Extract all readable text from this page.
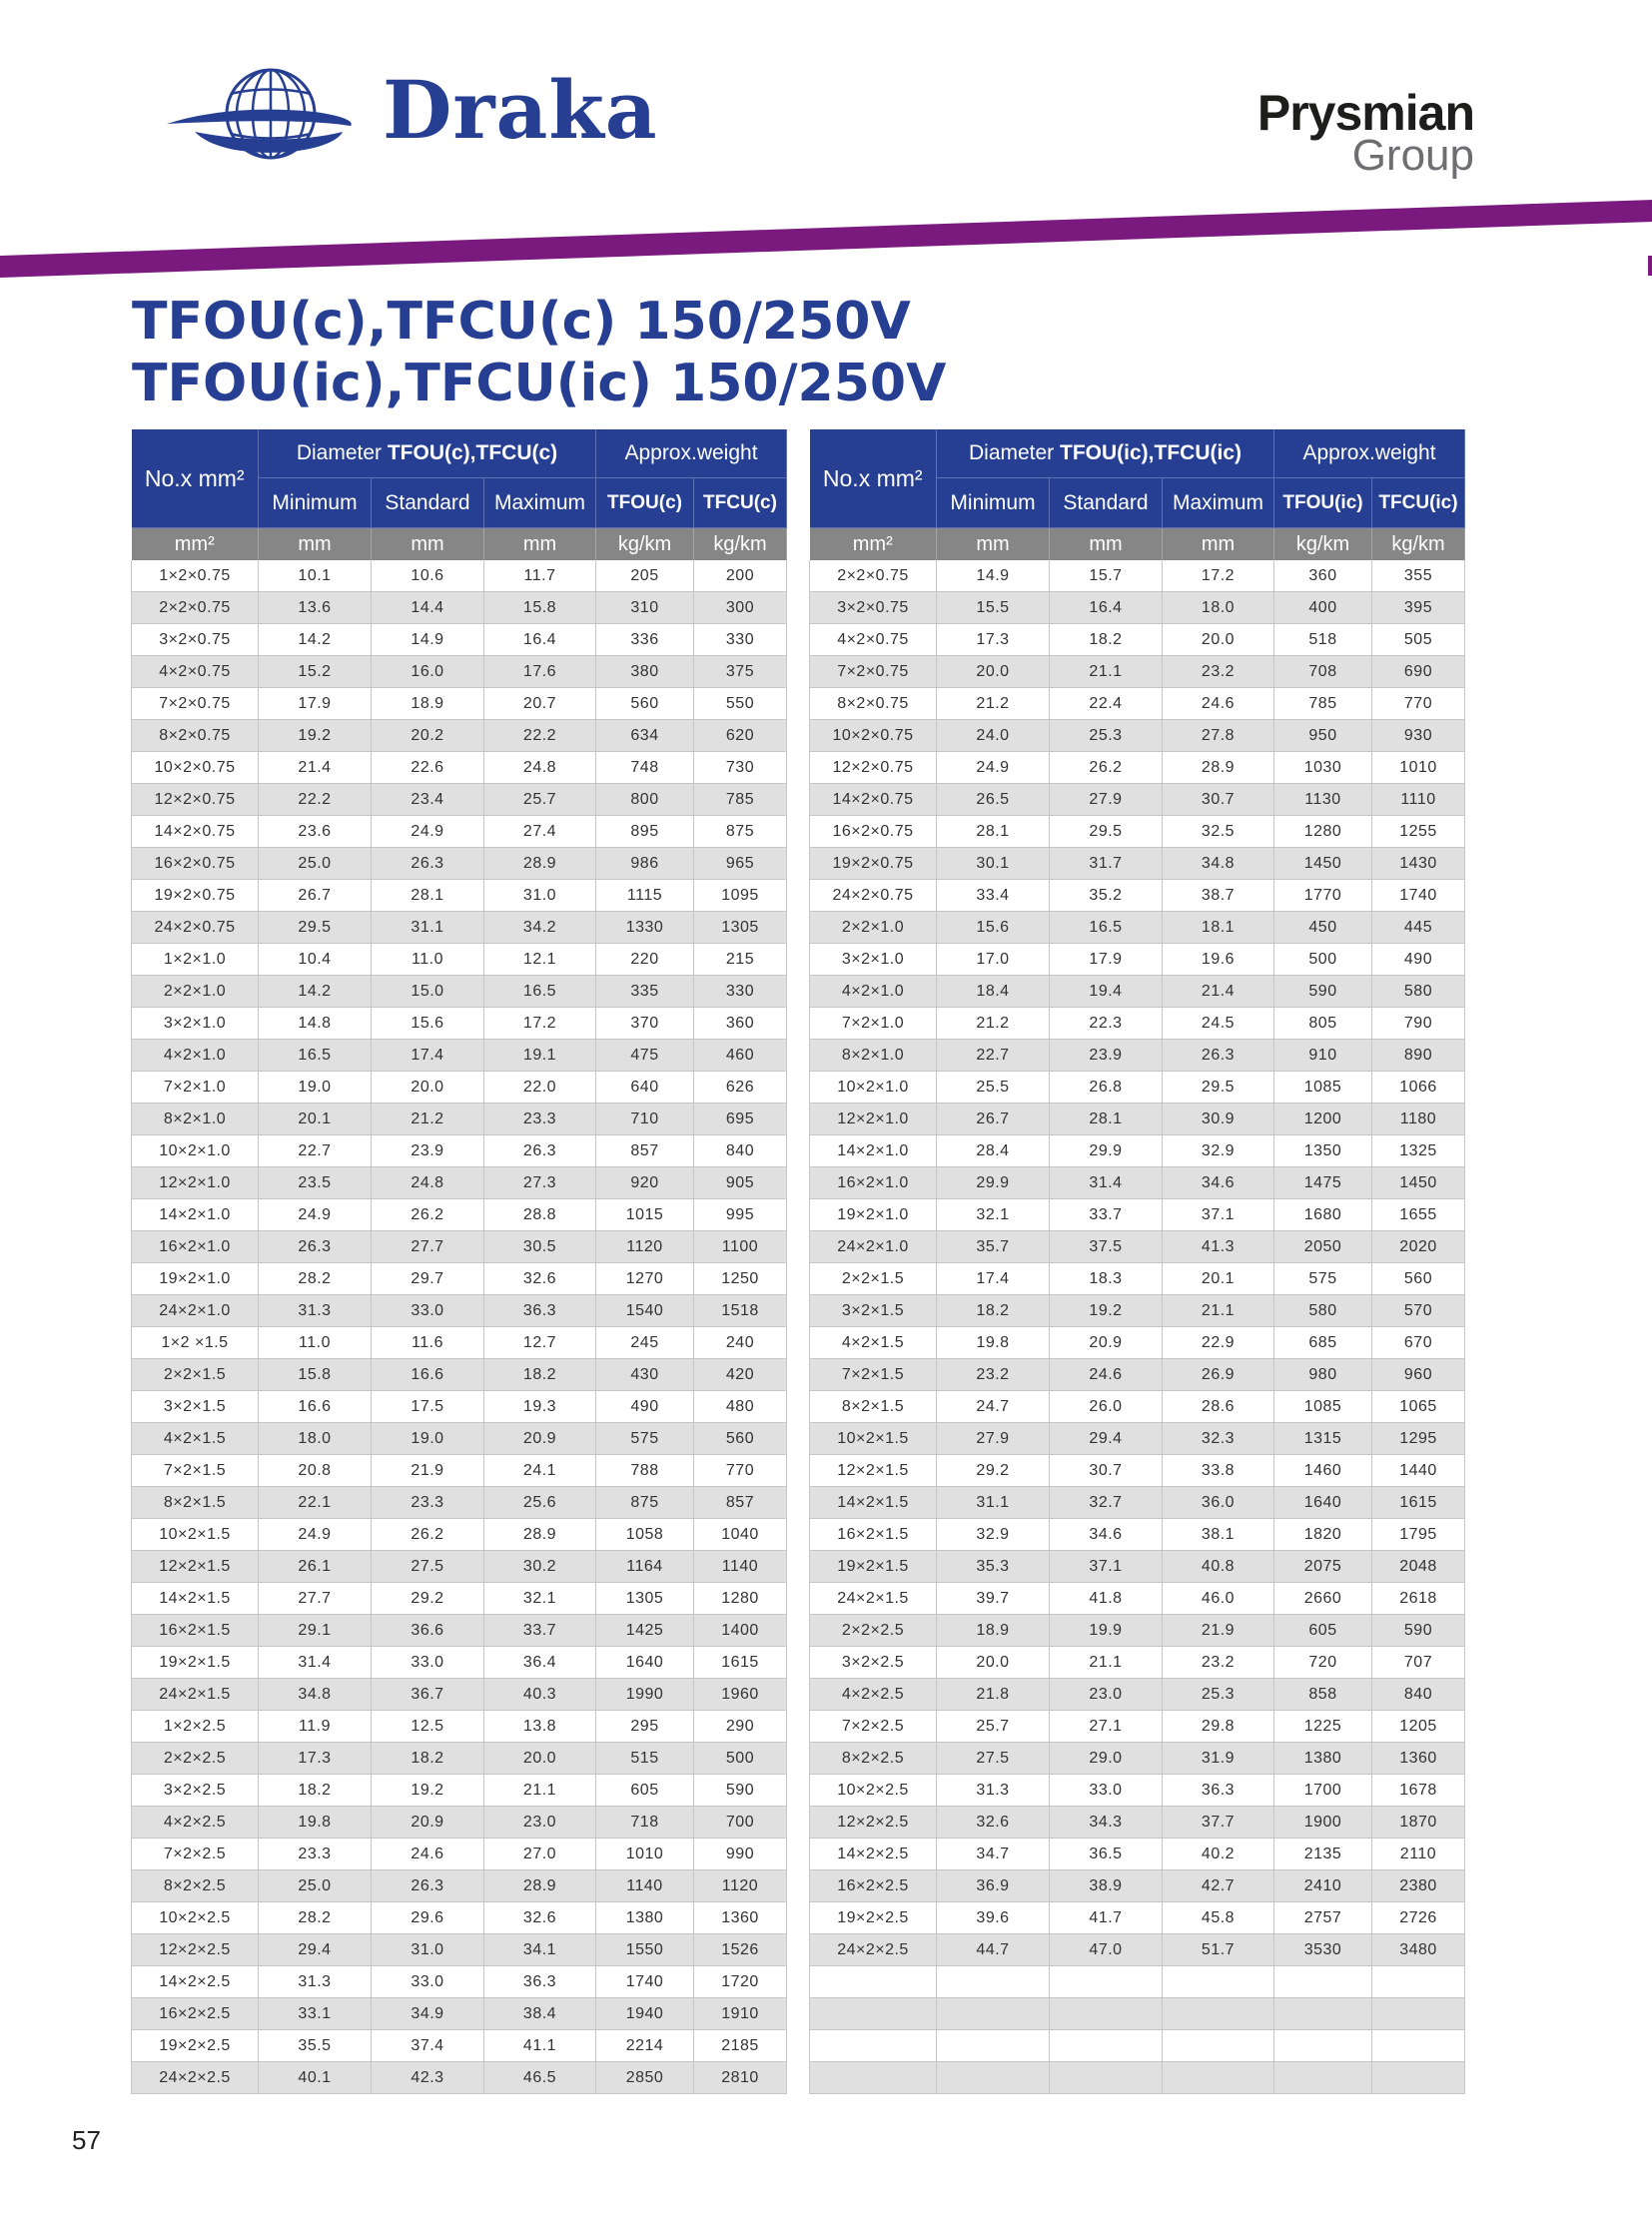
Draka	Prysmian
Group
TFOU(c),TFCU(c) 150/250V
TFOU(ic),TFCU(ic) 150/250V
No.x mm²	Diameter TFOU(c),TFCU(c)			Approx.weight	
	Minimum	Standard	Maximum	TFOU(c)	TFCU(c)
mm²	mm	mm	mm	kg/km	kg/km
1×2×0.75	10.1	10.6	11.7	205	200
2×2×0.75	13.6	14.4	15.8	310	300
3×2×0.75	14.2	14.9	16.4	336	330
4×2×0.75	15.2	16.0	17.6	380	375
7×2×0.75	17.9	18.9	20.7	560	550
8×2×0.75	19.2	20.2	22.2	634	620
10×2×0.75	21.4	22.6	24.8	748	730
12×2×0.75	22.2	23.4	25.7	800	785
14×2×0.75	23.6	24.9	27.4	895	875
16×2×0.75	25.0	26.3	28.9	986	965
19×2×0.75	26.7	28.1	31.0	1115	1095
24×2×0.75	29.5	31.1	34.2	1330	1305
1×2×1.0	10.4	11.0	12.1	220	215
2×2×1.0	14.2	15.0	16.5	335	330
3×2×1.0	14.8	15.6	17.2	370	360
4×2×1.0	16.5	17.4	19.1	475	460
7×2×1.0	19.0	20.0	22.0	640	626
8×2×1.0	20.1	21.2	23.3	710	695
10×2×1.0	22.7	23.9	26.3	857	840
12×2×1.0	23.5	24.8	27.3	920	905
14×2×1.0	24.9	26.2	28.8	1015	995
16×2×1.0	26.3	27.7	30.5	1120	1100
19×2×1.0	28.2	29.7	32.6	1270	1250
24×2×1.0	31.3	33.0	36.3	1540	1518
1×2 ×1.5	11.0	11.6	12.7	245	240
2×2×1.5	15.8	16.6	18.2	430	420
3×2×1.5	16.6	17.5	19.3	490	480
4×2×1.5	18.0	19.0	20.9	575	560
7×2×1.5	20.8	21.9	24.1	788	770
8×2×1.5	22.1	23.3	25.6	875	857
10×2×1.5	24.9	26.2	28.9	1058	1040
12×2×1.5	26.1	27.5	30.2	1164	1140
14×2×1.5	27.7	29.2	32.1	1305	1280
16×2×1.5	29.1	36.6	33.7	1425	1400
19×2×1.5	31.4	33.0	36.4	1640	1615
24×2×1.5	34.8	36.7	40.3	1990	1960
1×2×2.5	11.9	12.5	13.8	295	290
2×2×2.5	17.3	18.2	20.0	515	500
3×2×2.5	18.2	19.2	21.1	605	590
4×2×2.5	19.8	20.9	23.0	718	700
7×2×2.5	23.3	24.6	27.0	1010	990
8×2×2.5	25.0	26.3	28.9	1140	1120
10×2×2.5	28.2	29.6	32.6	1380	1360
12×2×2.5	29.4	31.0	34.1	1550	1526
14×2×2.5	31.3	33.0	36.3	1740	1720
16×2×2.5	33.1	34.9	38.4	1940	1910
19×2×2.5	35.5	37.4	41.1	2214	2185
24×2×2.5	40.1	42.3	46.5	2850	2810
No.x mm²	Diameter TFOU(ic),TFCU(ic)			Approx.weight	
	Minimum	Standard	Maximum	TFOU(ic)	TFCU(ic)
mm²	mm	mm	mm	kg/km	kg/km
2×2×0.75	14.9	15.7	17.2	360	355
3×2×0.75	15.5	16.4	18.0	400	395
4×2×0.75	17.3	18.2	20.0	518	505
7×2×0.75	20.0	21.1	23.2	708	690
8×2×0.75	21.2	22.4	24.6	785	770
10×2×0.75	24.0	25.3	27.8	950	930
12×2×0.75	24.9	26.2	28.9	1030	1010
14×2×0.75	26.5	27.9	30.7	1130	1110
16×2×0.75	28.1	29.5	32.5	1280	1255
19×2×0.75	30.1	31.7	34.8	1450	1430
24×2×0.75	33.4	35.2	38.7	1770	1740
2×2×1.0	15.6	16.5	18.1	450	445
3×2×1.0	17.0	17.9	19.6	500	490
4×2×1.0	18.4	19.4	21.4	590	580
7×2×1.0	21.2	22.3	24.5	805	790
8×2×1.0	22.7	23.9	26.3	910	890
10×2×1.0	25.5	26.8	29.5	1085	1066
12×2×1.0	26.7	28.1	30.9	1200	1180
14×2×1.0	28.4	29.9	32.9	1350	1325
16×2×1.0	29.9	31.4	34.6	1475	1450
19×2×1.0	32.1	33.7	37.1	1680	1655
24×2×1.0	35.7	37.5	41.3	2050	2020
2×2×1.5	17.4	18.3	20.1	575	560
3×2×1.5	18.2	19.2	21.1	580	570
4×2×1.5	19.8	20.9	22.9	685	670
7×2×1.5	23.2	24.6	26.9	980	960
8×2×1.5	24.7	26.0	28.6	1085	1065
10×2×1.5	27.9	29.4	32.3	1315	1295
12×2×1.5	29.2	30.7	33.8	1460	1440
14×2×1.5	31.1	32.7	36.0	1640	1615
16×2×1.5	32.9	34.6	38.1	1820	1795
19×2×1.5	35.3	37.1	40.8	2075	2048
24×2×1.5	39.7	41.8	46.0	2660	2618
2×2×2.5	18.9	19.9	21.9	605	590
3×2×2.5	20.0	21.1	23.2	720	707
4×2×2.5	21.8	23.0	25.3	858	840
7×2×2.5	25.7	27.1	29.8	1225	1205
8×2×2.5	27.5	29.0	31.9	1380	1360
10×2×2.5	31.3	33.0	36.3	1700	1678
12×2×2.5	32.6	34.3	37.7	1900	1870
14×2×2.5	34.7	36.5	40.2	2135	2110
16×2×2.5	36.9	38.9	42.7	2410	2380
19×2×2.5	39.6	41.7	45.8	2757	2726
24×2×2.5	44.7	47.0	51.7	3530	3480

57
